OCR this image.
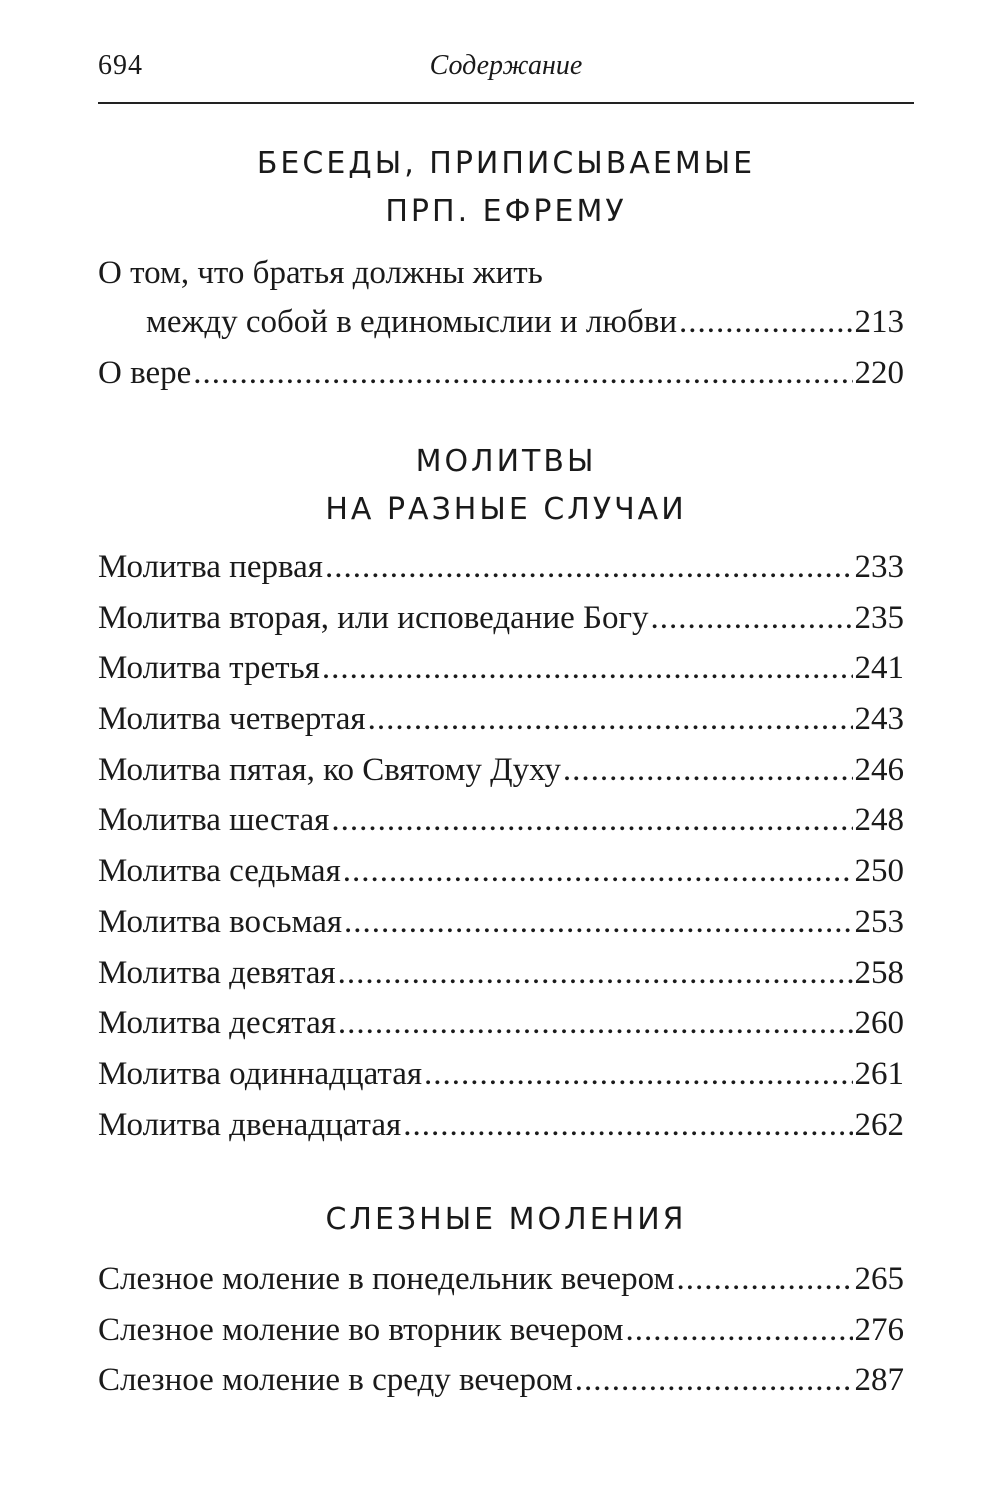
694	Содержание
БЕСЕДЫ, ПРИПИСЫВАЕМЫЕ
ПРП. ЕФРЕМУ
О том, что братья должны жить
между собой в единомыслии и любви .....	213
О вере .....	220
МОЛИТВЫ
НА РАЗНЫЕ СЛУЧАИ
Молитва первая .....	233
Молитва вторая, или исповедание Богу .....	235
Молитва третья .....	241
Молитва четвертая .....	243
Молитва пятая, ко Святому Духу .....	246
Молитва шестая .....	248
Молитва седьмая .....	250
Молитва восьмая .....	253
Молитва девятая .....	258
Молитва десятая .....	260
Молитва одиннадцатая .....	261
Молитва двенадцатая .....	262
СЛЕЗНЫЕ МОЛЕНИЯ
Слезное моление в понедельник вечером .....	265
Слезное моление во вторник вечером .....	276
Слезное моление в среду вечером .....	287
